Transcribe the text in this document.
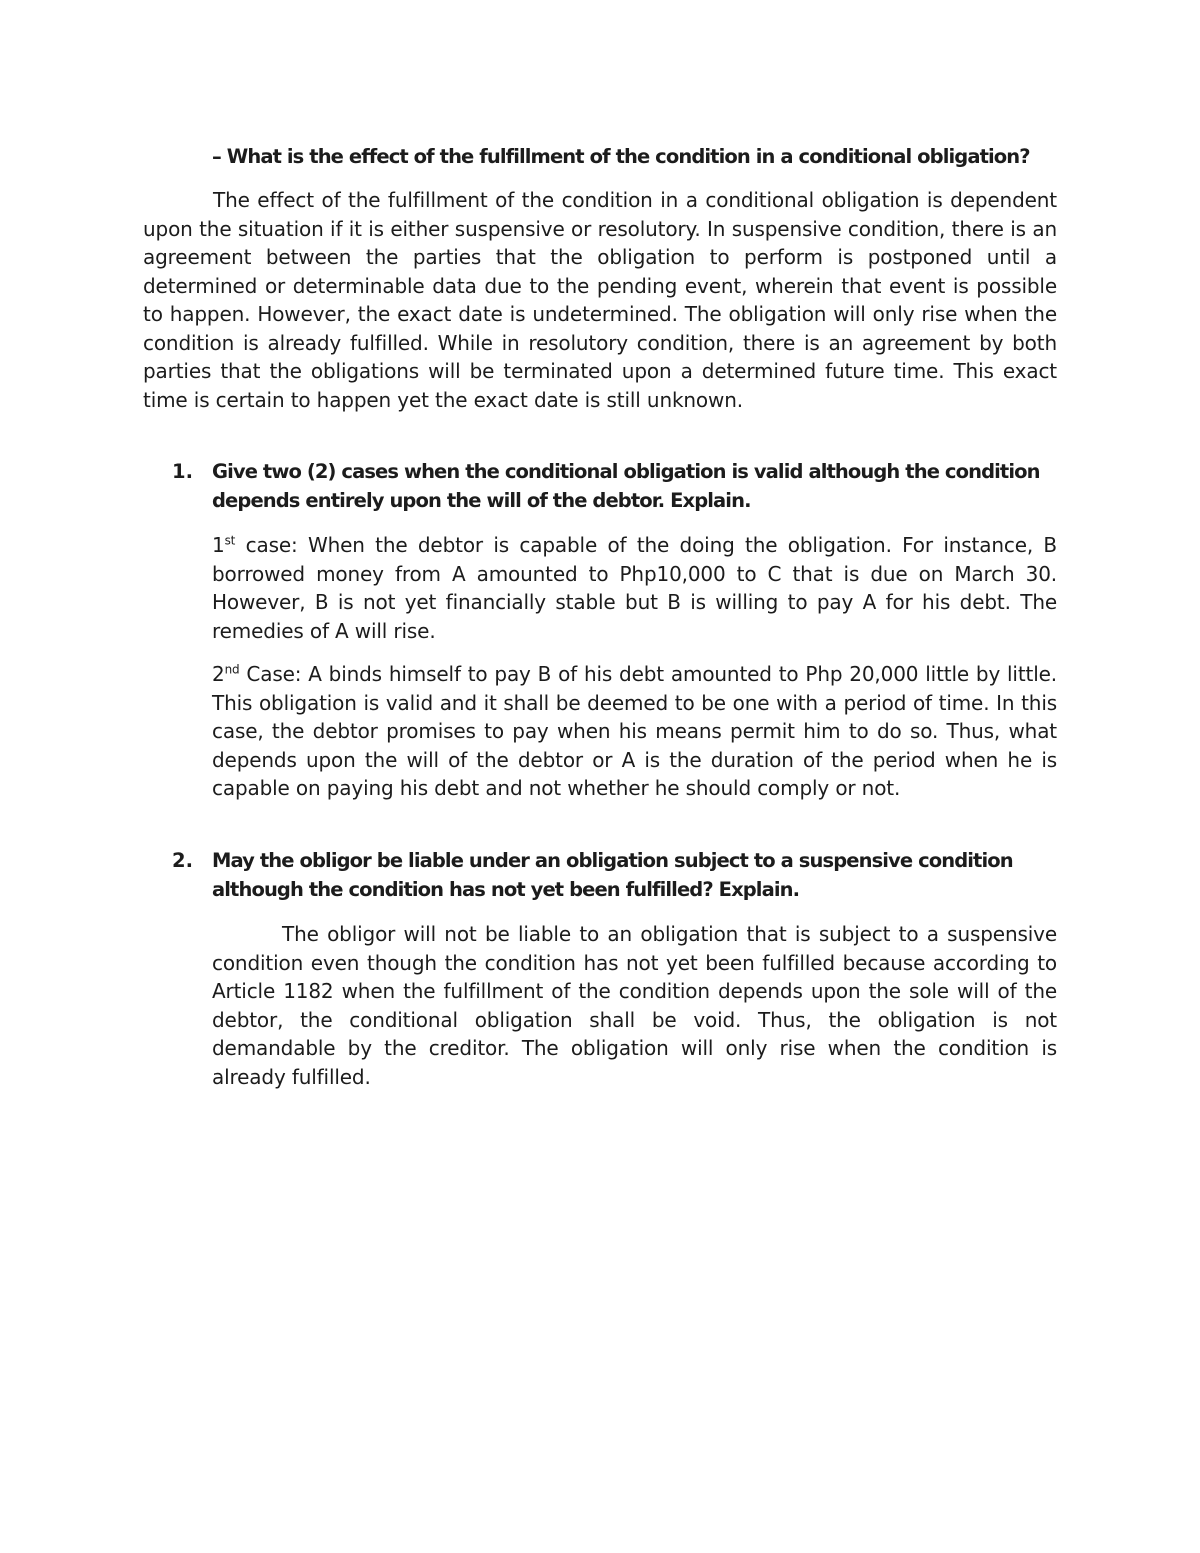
– What is the effect of the fulfillment of the condition in a conditional obligation?

The effect of the fulfillment of the condition in a conditional obligation is dependent upon the situation if it is either suspensive or resolutory. In suspensive condition, there is an agreement between the parties that the obligation to perform is postponed until a determined or determinable data due to the pending event, wherein that event is possible to happen. However, the exact date is undetermined. The obligation will only rise when the condition is already fulfilled. While in resolutory condition, there is an agreement by both parties that the obligations will be terminated upon a determined future time. This exact time is certain to happen yet the exact date is still unknown.

1. Give two (2) cases when the conditional obligation is valid although the condition depends entirely upon the will of the debtor. Explain.

1st case: When the debtor is capable of the doing the obligation. For instance, B borrowed money from A amounted to Php10,000 to C that is due on March 30. However, B is not yet financially stable but B is willing to pay A for his debt. The remedies of A will rise.

2nd Case: A binds himself to pay B of his debt amounted to Php 20,000 little by little. This obligation is valid and it shall be deemed to be one with a period of time. In this case, the debtor promises to pay when his means permit him to do so. Thus, what depends upon the will of the debtor or A is the duration of the period when he is capable on paying his debt and not whether he should comply or not.

2. May the obligor be liable under an obligation subject to a suspensive condition although the condition has not yet been fulfilled? Explain.

The obligor will not be liable to an obligation that is subject to a suspensive condition even though the condition has not yet been fulfilled because according to Article 1182 when the fulfillment of the condition depends upon the sole will of the debtor, the conditional obligation shall be void. Thus, the obligation is not demandable by the creditor. The obligation will only rise when the condition is already fulfilled.
